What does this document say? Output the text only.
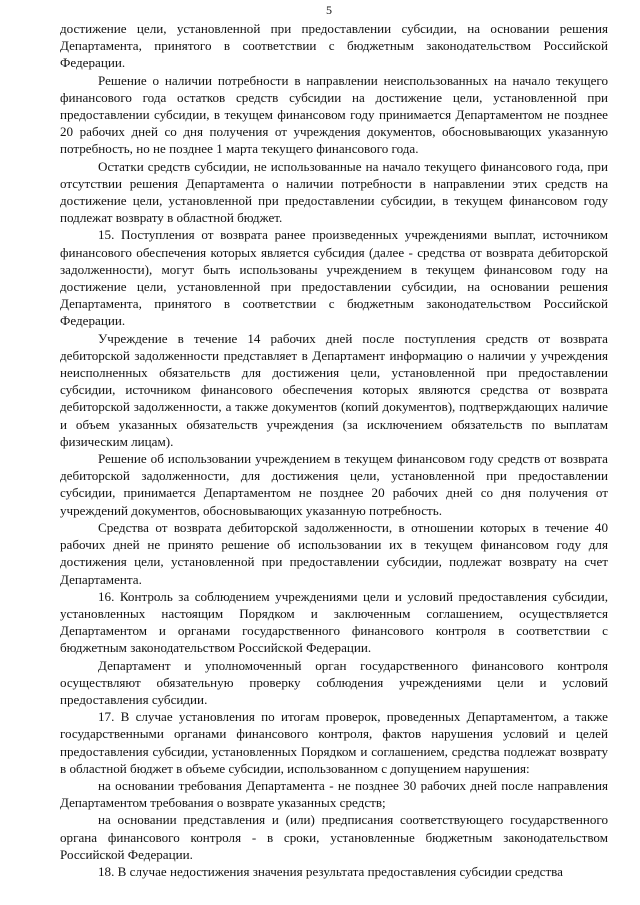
5

достижение цели, установленной при предоставлении субсидии, на основании решения Департамента, принятого в соответствии с бюджетным законодательством Российской Федерации.

Решение о наличии потребности в направлении неиспользованных на начало текущего финансового года остатков средств субсидии на достижение цели, установленной при предоставлении субсидии, в текущем финансовом году принимается Департаментом не позднее 20 рабочих дней со дня получения от учреждения документов, обосновывающих указанную потребность, но не позднее 1 марта текущего финансового года.

Остатки средств субсидии, не использованные на начало текущего финансового года, при отсутствии решения Департамента о наличии потребности в направлении этих средств на достижение цели, установленной при предоставлении субсидии, в текущем финансовом году подлежат возврату в областной бюджет.

15. Поступления от возврата ранее произведенных учреждениями выплат, источником финансового обеспечения которых является субсидия (далее - средства от возврата дебиторской задолженности), могут быть использованы учреждением в текущем финансовом году на достижение цели, установленной при предоставлении субсидии, на основании решения Департамента, принятого в соответствии с бюджетным законодательством Российской Федерации.

Учреждение в течение 14 рабочих дней после поступления средств от возврата дебиторской задолженности представляет в Департамент информацию о наличии у учреждения неисполненных обязательств для достижения цели, установленной при предоставлении субсидии, источником финансового обеспечения которых являются средства от возврата дебиторской задолженности, а также документов (копий документов), подтверждающих наличие и объем указанных обязательств учреждения (за исключением обязательств по выплатам физическим лицам).

Решение об использовании учреждением в текущем финансовом году средств от возврата дебиторской задолженности, для достижения цели, установленной при предоставлении субсидии, принимается Департаментом не позднее 20 рабочих дней со дня получения от учреждений документов, обосновывающих указанную потребность.

Средства от возврата дебиторской задолженности, в отношении которых в течение 40 рабочих дней не принято решение об использовании их в текущем финансовом году для достижения цели, установленной при предоставлении субсидии, подлежат возврату на счет Департамента.

16. Контроль за соблюдением учреждениями цели и условий предоставления субсидии, установленных настоящим Порядком и заключенным соглашением, осуществляется Департаментом и органами государственного финансового контроля в соответствии с бюджетным законодательством Российской Федерации.

Департамент и уполномоченный орган государственного финансового контроля осуществляют обязательную проверку соблюдения учреждениями цели и условий предоставления субсидии.

17. В случае установления по итогам проверок, проведенных Департаментом, а также государственными органами финансового контроля, фактов нарушения условий и целей предоставления субсидии, установленных Порядком и соглашением, средства подлежат возврату в областной бюджет в объеме субсидии, использованном с допущением нарушения:

на основании требования Департамента - не позднее 30 рабочих дней после направления Департаментом требования о возврате указанных средств;

на основании представления и (или) предписания соответствующего государственного органа финансового контроля - в сроки, установленные бюджетным законодательством Российской Федерации.

18. В случае недостижения значения результата предоставления субсидии средства
